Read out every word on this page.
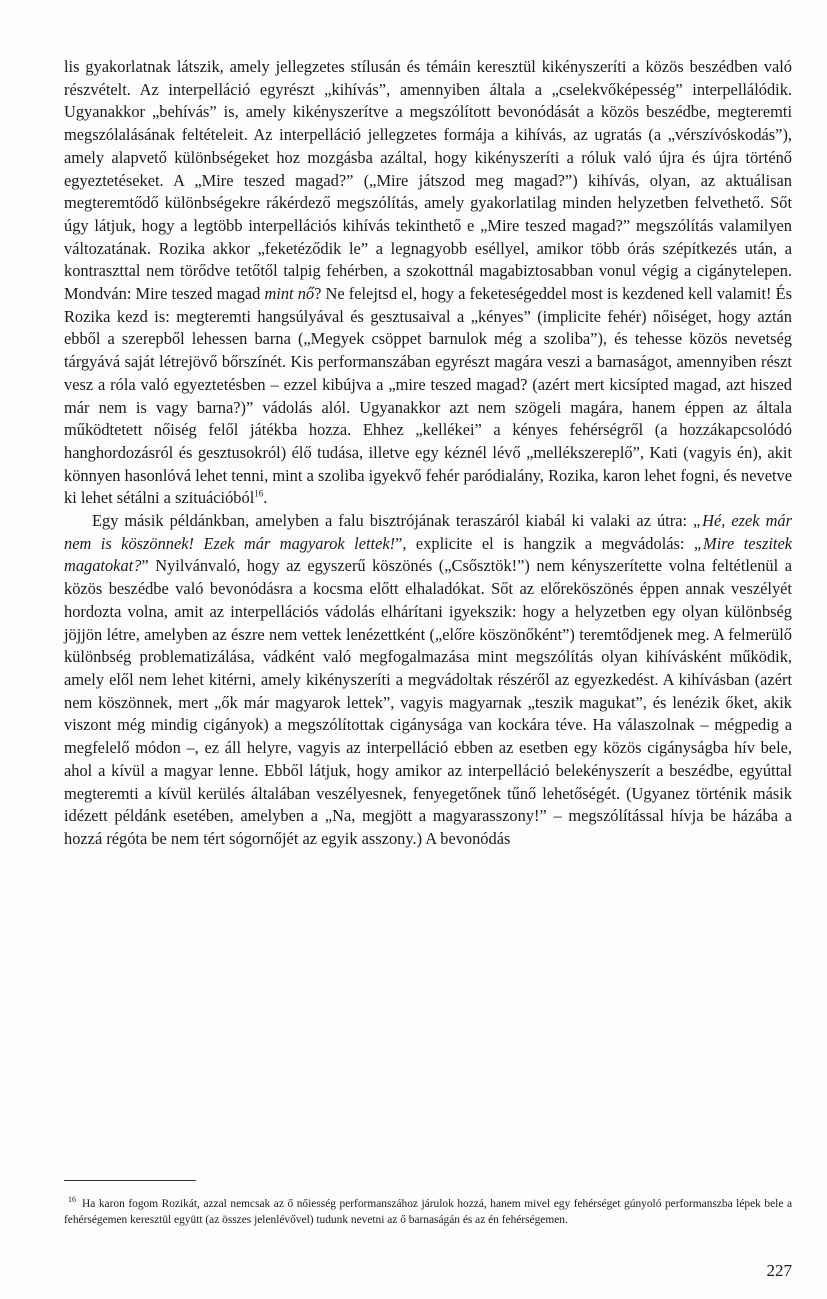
lis gyakorlatnak látszik, amely jellegzetes stílusán és témáin keresztül kikényszeríti a közös beszédben való részvételt. Az interpelláció egyrészt „kihívás”, amennyiben általa a „cselekvőképesség” interpellálódik. Ugyanakkor „behívás” is, amely kikényszerítve a megszólított bevonódását a közös beszédbe, megteremti megszólalásának feltételeit. Az interpelláció jellegzetes formája a kihívás, az ugratás (a „vérszívóskodás”), amely alapvető különbségeket hoz mozgásba azáltal, hogy kikényszeríti a róluk való újra és újra történő egyeztetéseket. A „Mire teszed magad?” („Mire játszod meg magad?”) kihívás, olyan, az aktuálisan megteremtődő különbségekre rákérdező megszólítás, amely gyakorlatilag minden helyzetben felvethető. Sőt úgy látjuk, hogy a legtöbb interpellációs kihívás tekinthető e „Mire teszed magad?” megszólítás valamilyen változatának. Rozika akkor „feketéződik le” a legnagyobb eséllyel, amikor több órás szépítkezés után, a kontraszttal nem törődve tetőtől talpig fehérben, a szokottnál magabiztosabban vonul végig a cigánytelepen. Mondván: Mire teszed magad mint nő? Ne felejtsd el, hogy a feketeségeddel most is kezdened kell valamit! És Rozika kezd is: megteremti hangsúlyával és gesztusaival a „kényes” (implicite fehér) nőiséget, hogy aztán ebből a szerepből lehessen barna („Megyek csöppet barnulok még a szoliba”), és tehesse közös nevetség tárgyává saját létrejövő bőrszínét. Kis performanszában egyrészt magára veszi a barnaságot, amennyiben részt vesz a róla való egyeztetésben – ezzel kibújva a „mire teszed magad? (azért mert kicsípted magad, azt hiszed már nem is vagy barna?)” vádolás alól. Ugyanakkor azt nem szögeli magára, hanem éppen az általa működtetett nőiség felől játékba hozza. Ehhez „kellékei” a kényes fehérségről (a hozzákapcsolódó hanghordozásról és gesztusokról) élő tudása, illetve egy kéznél lévő „mellékszereplő”, Kati (vagyis én), akit könnyen hasonlóvá lehet tenni, mint a szoliba igyekvő fehér paródialány, Rozika, karon lehet fogni, és nevetve ki lehet sétálni a szituációból$^{16}$.

Egy másik példánkban, amelyben a falu bisztrójának teraszáról kiabál ki valaki az útra: „Hé, ezek már nem is köszönnek! Ezek már magyarok lettek!”, explicite el is hangzik a megvádolás: „Mire teszitek magatokat?” Nyilvánvaló, hogy az egyszerű köszönés („Csősztök!”) nem kényszerítette volna feltétlenül a közös beszédbe való bevonódásra a kocsma előtt elhaladókat. Sőt az előreköszönés éppen annak veszélyét hordozta volna, amit az interpellációs vádolás elhárítani igyekszik: hogy a helyzetben egy olyan különbség jöjjön létre, amelyben az észre nem vettek lenézettként („előre köszönőként”) teremtődjenek meg. A felmerülő különbség problematizálása, vádként való megfogalmazása mint megszólítás olyan kihívásként működik, amely elől nem lehet kitérni, amely kikényszeríti a megvádoltak részéről az egyezkedést. A kihívásban (azért nem köszönnek, mert „ők már magyarok lettek”, vagyis magyarnak „teszik magukat”, és lenézik őket, akik viszont még mindig cigányok) a megszólítottak cigánysága van kockára téve. Ha válaszolnak – mégpedig a megfelelő módon –, ez áll helyre, vagyis az interpelláció ebben az esetben egy közös cigányságba hív bele, ahol a kívül a magyar lenne. Ebből látjuk, hogy amikor az interpelláció belekényszerít a beszédbe, egyúttal megteremti a kívül kerülés általában veszélyesnek, fenyegetőnek tűnő lehetőségét. (Ugyanez történik másik idézett példánk esetében, amelyben a „Na, megjött a magyarasszony!” – megszólítással hívja be házába a hozzá régóta be nem tért sógornőjét az egyik asszony.) A bevonódás

$^{16}$ Ha karon fogom Rozikát, azzal nemcsak az ő nőiesség performanszához járulok hozzá, hanem mivel egy fehérséget gúnyoló performanszba lépek bele a fehérségemen keresztül együtt (az összes jelenlévővel) tudunk nevetni az ő barnaságán és az én fehérségemen.
227
